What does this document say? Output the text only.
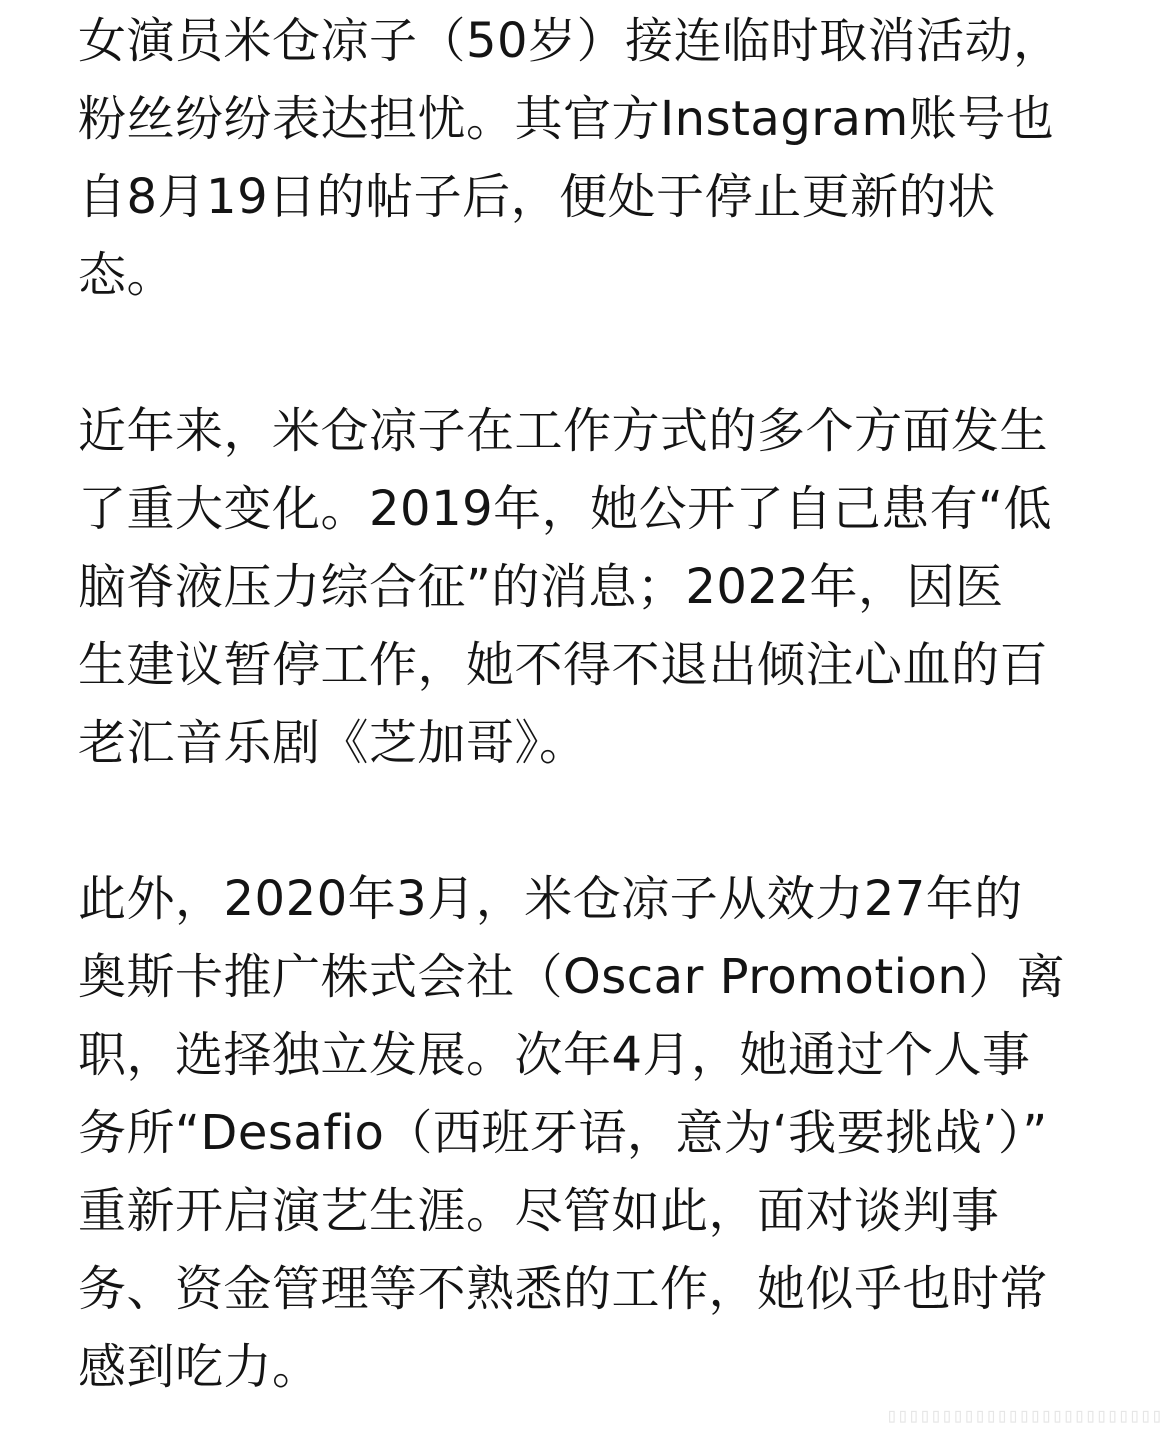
女演员米仓凉子（50岁）接连临时取消活动，
粉丝纷纷表达担忧。其官方Instagram账号也
自8月19日的帖子后，便处于停止更新的状
态。
近年来，米仓凉子在工作方式的多个方面发生
了重大变化。2019年，她公开了自己患有“低
脑脊液压力综合征”的消息；2022年，因医
生建议暂停工作，她不得不退出倾注心血的百
老汇音乐剧《芝加哥》。
此外，2020年3月，米仓凉子从效力27年的
奥斯卡推广株式会社（Oscar Promotion）离
职，选择独立发展。次年4月，她通过个人事
务所“Desafio（西班牙语，意为‘我要挑战’）”
重新开启演艺生涯。尽管如此，面对谈判事
务、资金管理等不熟悉的工作，她似乎也时常
感到吃力。
▯▯▯▯▯▯▯▯▯▯▯▯▯▯▯▯▯▯▯▯▯▯▯▯▯
